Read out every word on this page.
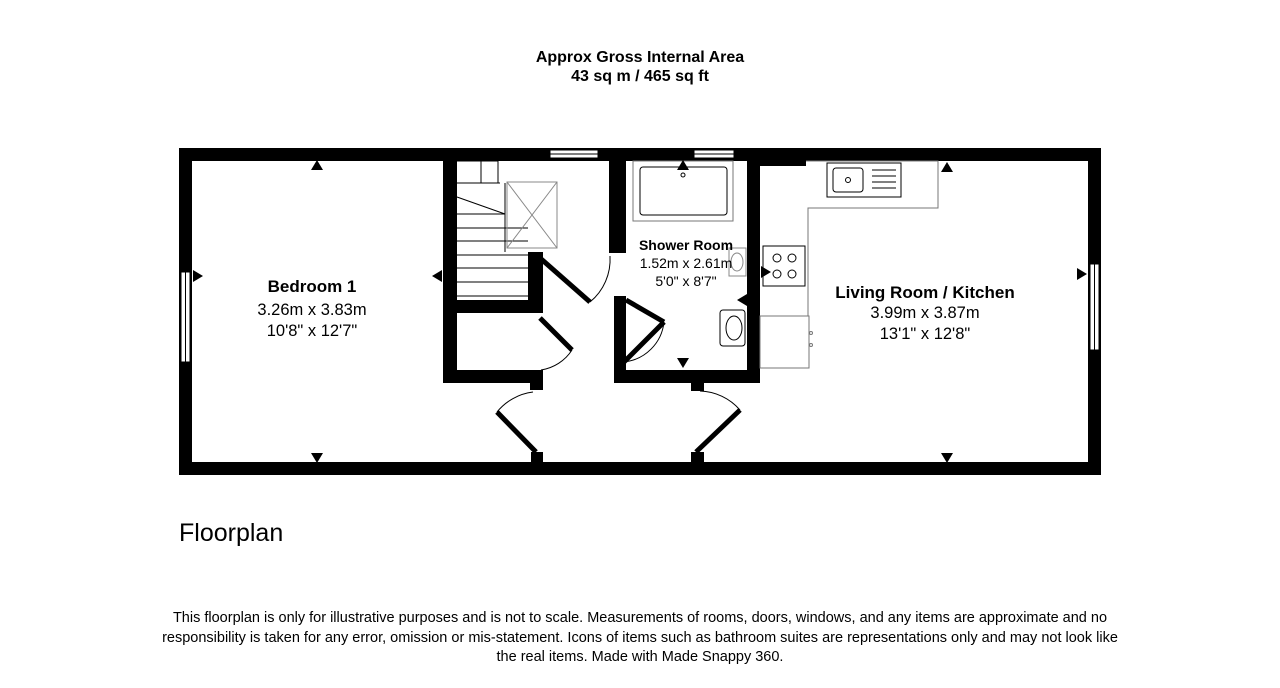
Approx Gross Internal Area
43 sq m / 465 sq ft
Bedroom 1
3.26m x 3.83m
10'8" x 12'7"
Shower Room
1.52m x 2.61m
5'0" x 8'7"
Living Room / Kitchen
3.99m x 3.87m
13'1" x 12'8"
Floorplan
This floorplan is only for illustrative purposes and is not to scale. Measurements of rooms, doors, windows, and any items are approximate and no responsibility is taken for any error, omission or mis-statement. Icons of items such as bathroom suites are representations only and may not look like the real items. Made with Made Snappy 360.
